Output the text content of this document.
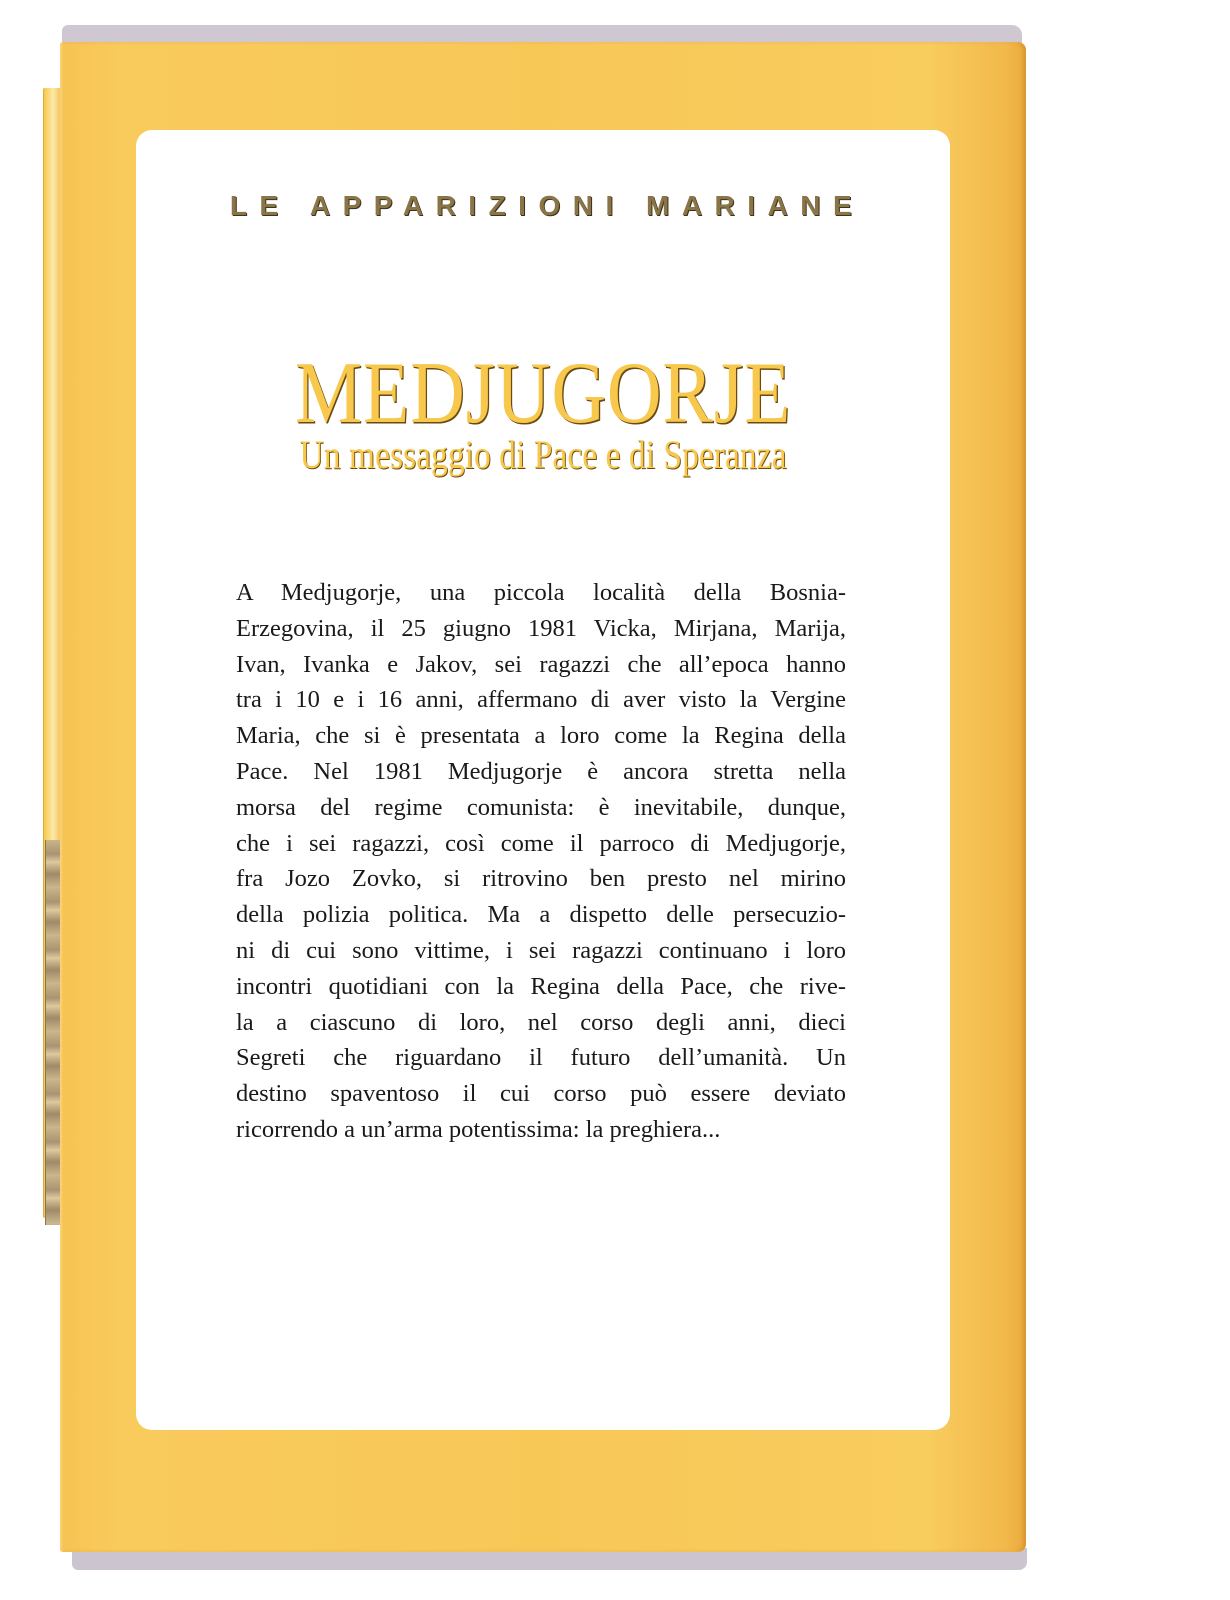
LE APPARIZIONI MARIANE
MEDJUGORJE
Un messaggio di Pace e di Speranza
A Medjugorje, una piccola località della Bosnia-
Erzegovina, il 25 giugno 1981 Vicka, Mirjana, Marija,
Ivan, Ivanka e Jakov, sei ragazzi che all’epoca hanno
tra i 10 e i 16 anni, affermano di aver visto la Vergine
Maria, che si è presentata a loro come la Regina della
Pace. Nel 1981 Medjugorje è ancora stretta nella
morsa del regime comunista: è inevitabile, dunque,
che i sei ragazzi, così come il parroco di Medjugorje,
fra Jozo Zovko, si ritrovino ben presto nel mirino
della polizia politica. Ma a dispetto delle persecuzio-
ni di cui sono vittime, i sei ragazzi continuano i loro
incontri quotidiani con la Regina della Pace, che rive-
la a ciascuno di loro, nel corso degli anni, dieci
Segreti che riguardano il futuro dell’umanità. Un
destino spaventoso il cui corso può essere deviato
ricorrendo a un’arma potentissima: la preghiera...
